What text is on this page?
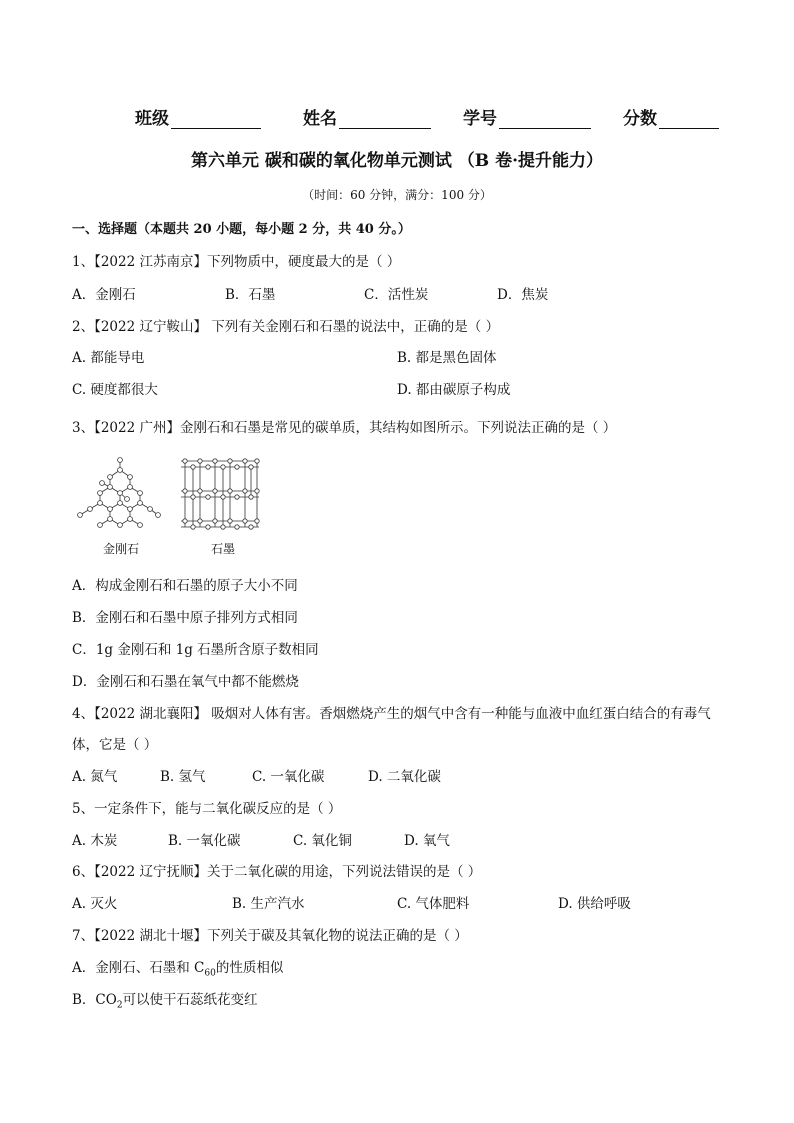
班级	姓名	学号	分数
第六单元 碳和碳的氧化物单元测试 （B 卷·提升能力）
（时间：60 分钟，满分：100 分）
一、选择题（本题共 20 小题，每小题 2 分，共 40 分。）
1、【2022 江苏南京】下列物质中，硬度最大的是（ ）
A．金刚石	B．石墨	C．活性炭	D．焦炭
2、【2022 辽宁鞍山】 下列有关金刚石和石墨的说法中，正确的是（ ）
A. 都能导电	B. 都是黑色固体
C. 硬度都很大	D. 都由碳原子构成
3、【2022 广州】金刚石和石墨是常见的碳单质，其结构如图所示。下列说法正确的是（ ）
金刚石	石墨
A．构成金刚石和石墨的原子大小不同
B．金刚石和石墨中原子排列方式相同
C．1g 金刚石和 1g 石墨所含原子数相同
D．金刚石和石墨在氧气中都不能燃烧
4、【2022 湖北襄阳】 吸烟对人体有害。香烟燃烧产生的烟气中含有一种能与血液中血红蛋白结合的有毒气
体，它是（ ）
A. 氮气	B. 氢气	C. 一氧化碳	D. 二氧化碳
5、一定条件下，能与二氧化碳反应的是（ ）
A. 木炭	B. 一氧化碳	C. 氧化铜	D. 氧气
6、【2022 辽宁抚顺】关于二氧化碳的用途，下列说法错误的是（ ）
A. 灭火	B. 生产汽水	C. 气体肥料	D. 供给呼吸
7、【2022 湖北十堰】下列关于碳及其氧化物的说法正确的是（ ）
A．金刚石、石墨和 $C_{60}$的性质相似
B．$CO_2$可以使干石蕊纸花变红
